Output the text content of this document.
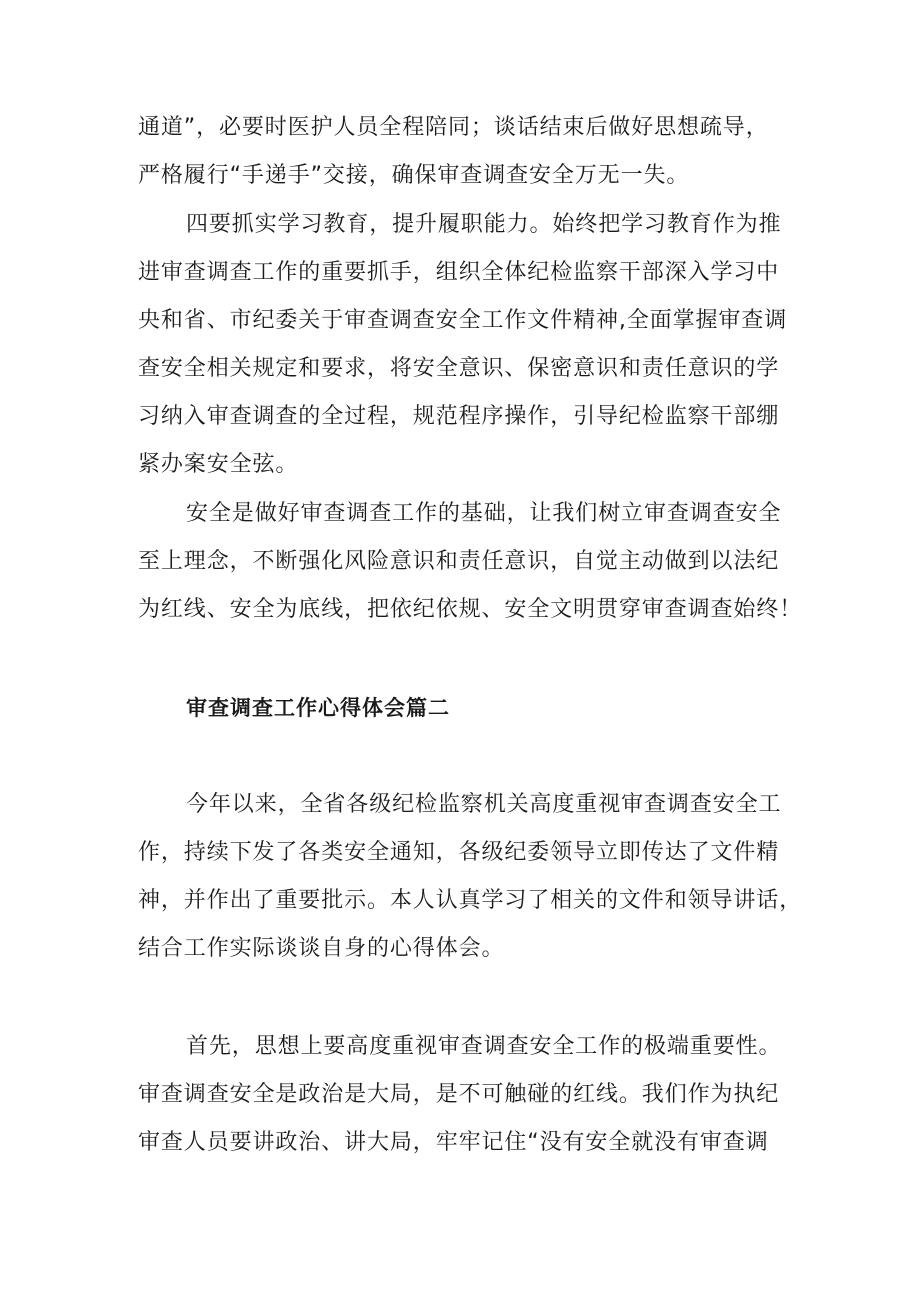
通道”，必要时医护人员全程陪同；谈话结束后做好思想疏导，

严格履行“手递手”交接，确保审查调查安全万无一失。

四要抓实学习教育，提升履职能力。始终把学习教育作为推

进审查调查工作的重要抓手，组织全体纪检监察干部深入学习中

央和省、市纪委关于审查调查安全工作文件精神,全面掌握审查调

查安全相关规定和要求，将安全意识、保密意识和责任意识的学

习纳入审查调查的全过程，规范程序操作，引导纪检监察干部绷

紧办案安全弦。

安全是做好审查调查工作的基础，让我们树立审查调查安全

至上理念，不断强化风险意识和责任意识，自觉主动做到以法纪

为红线、安全为底线，把依纪依规、安全文明贯穿审查调查始终！

审查调查工作心得体会篇二

今年以来，全省各级纪检监察机关高度重视审查调查安全工

作，持续下发了各类安全通知，各级纪委领导立即传达了文件精

神，并作出了重要批示。本人认真学习了相关的文件和领导讲话，

结合工作实际谈谈自身的心得体会。

首先，思想上要高度重视审查调查安全工作的极端重要性。

审查调查安全是政治是大局，是不可触碰的红线。我们作为执纪

审查人员要讲政治、讲大局，牢牢记住“没有安全就没有审查调
